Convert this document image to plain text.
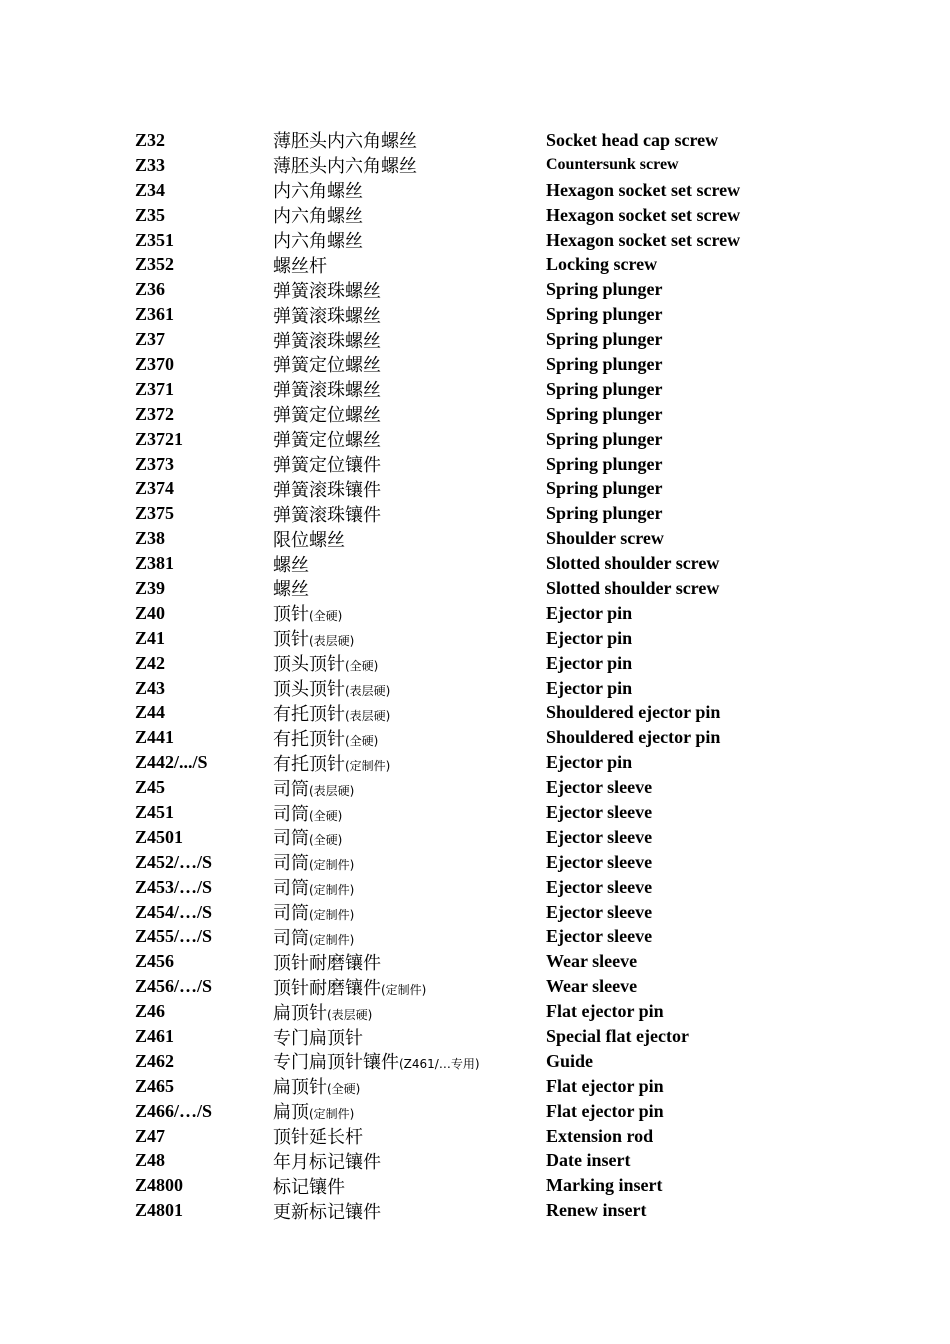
Z32	薄胚头内六角螺丝	Socket head cap screw
Z33	薄胚头内六角螺丝	Countersunk screw
Z34	内六角螺丝	Hexagon socket set screw
Z35	内六角螺丝	Hexagon socket set screw
Z351	内六角螺丝	Hexagon socket set screw
Z352	螺丝杆	Locking screw
Z36	弹簧滚珠螺丝	Spring plunger
Z361	弹簧滚珠螺丝	Spring plunger
Z37	弹簧滚珠螺丝	Spring plunger
Z370	弹簧定位螺丝	Spring plunger
Z371	弹簧滚珠螺丝	Spring plunger
Z372	弹簧定位螺丝	Spring plunger
Z3721	弹簧定位螺丝	Spring plunger
Z373	弹簧定位镶件	Spring plunger
Z374	弹簧滚珠镶件	Spring plunger
Z375	弹簧滚珠镶件	Spring plunger
Z38	限位螺丝	Shoulder screw
Z381	螺丝	Slotted shoulder screw
Z39	螺丝	Slotted shoulder screw
Z40	顶针(全硬)	Ejector pin
Z41	顶针(表层硬)	Ejector pin
Z42	顶头顶针(全硬)	Ejector pin
Z43	顶头顶针(表层硬)	Ejector pin
Z44	有托顶针(表层硬)	Shouldered ejector pin
Z441	有托顶针(全硬)	Shouldered ejector pin
Z442/.../S	有托顶针(定制件)	Ejector pin
Z45	司筒(表层硬)	Ejector sleeve
Z451	司筒(全硬)	Ejector sleeve
Z4501	司筒(全硬)	Ejector sleeve
Z452/…/S	司筒(定制件)	Ejector sleeve
Z453/…/S	司筒(定制件)	Ejector sleeve
Z454/…/S	司筒(定制件)	Ejector sleeve
Z455/…/S	司筒(定制件)	Ejector sleeve
Z456	顶针耐磨镶件	Wear sleeve
Z456/…/S	顶针耐磨镶件(定制件)	Wear sleeve
Z46	扁顶针(表层硬)	Flat ejector pin
Z461	专门扁顶针	Special flat ejector
Z462	专门扁顶针镶件(Z461/…专用)	Guide
Z465	扁顶针(全硬)	Flat ejector pin
Z466/…/S	扁顶(定制件)	Flat ejector pin
Z47	顶针延长杆	Extension rod
Z48	年月标记镶件	Date insert
Z4800	标记镶件	Marking insert
Z4801	更新标记镶件	Renew insert
